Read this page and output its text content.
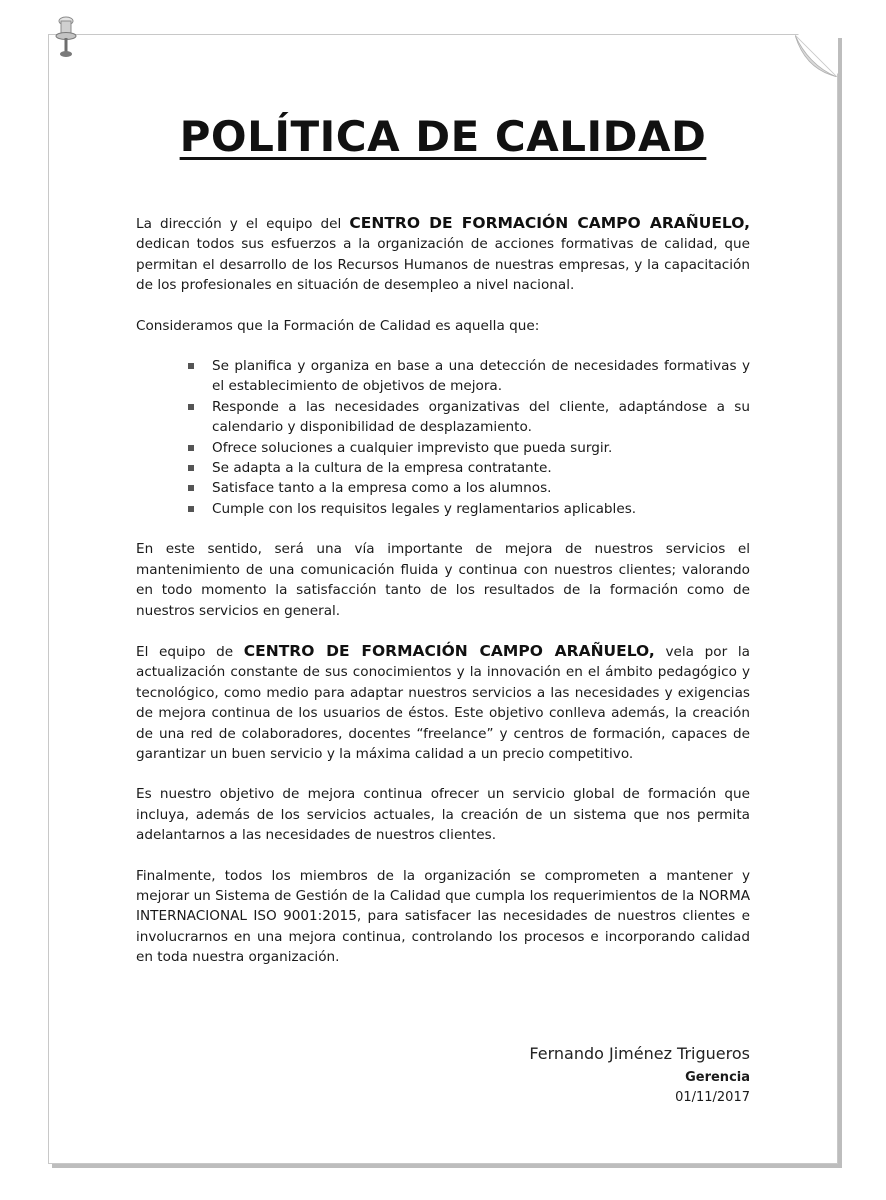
POLÍTICA DE CALIDAD

La dirección y el equipo del CENTRO DE FORMACIÓN CAMPO ARAÑUELO, dedican todos sus esfuerzos a la organización de acciones formativas de calidad, que permitan el desarrollo de los Recursos Humanos de nuestras empresas, y la capacitación de los profesionales en situación de desempleo a nivel nacional.

Consideramos que la Formación de Calidad es aquella que:

Se planifica y organiza en base a una detección de necesidades formativas y el establecimiento de objetivos de mejora.
Responde a las necesidades organizativas del cliente, adaptándose a su calendario y disponibilidad de desplazamiento.
Ofrece soluciones a cualquier imprevisto que pueda surgir.
Se adapta a la cultura de la empresa contratante.
Satisface tanto a la empresa como a los alumnos.
Cumple con los requisitos legales y reglamentarios aplicables.

En este sentido, será una vía importante de mejora de nuestros servicios el mantenimiento de una comunicación fluida y continua con nuestros clientes; valorando en todo momento la satisfacción tanto de los resultados de la formación como de nuestros servicios en general.

El equipo de CENTRO DE FORMACIÓN CAMPO ARAÑUELO, vela por la actualización constante de sus conocimientos y la innovación en el ámbito pedagógico y tecnológico, como medio para adaptar nuestros servicios a las necesidades y exigencias de mejora continua de los usuarios de éstos. Este objetivo conlleva además, la creación de una red de colaboradores, docentes “freelance” y centros de formación, capaces de garantizar un buen servicio y la máxima calidad a un precio competitivo.

Es nuestro objetivo de mejora continua ofrecer un servicio global de formación que incluya, además de los servicios actuales, la creación de un sistema que nos permita adelantarnos a las necesidades de nuestros clientes.

Finalmente, todos los miembros de la organización se comprometen a mantener y mejorar un Sistema de Gestión de la Calidad que cumpla los requerimientos de la NORMA INTERNACIONAL ISO 9001:2015, para satisfacer las necesidades de nuestros clientes e involucrarnos en una mejora continua, controlando los procesos e incorporando calidad en toda nuestra organización.

Fernando Jiménez Trigueros
Gerencia
01/11/2017
